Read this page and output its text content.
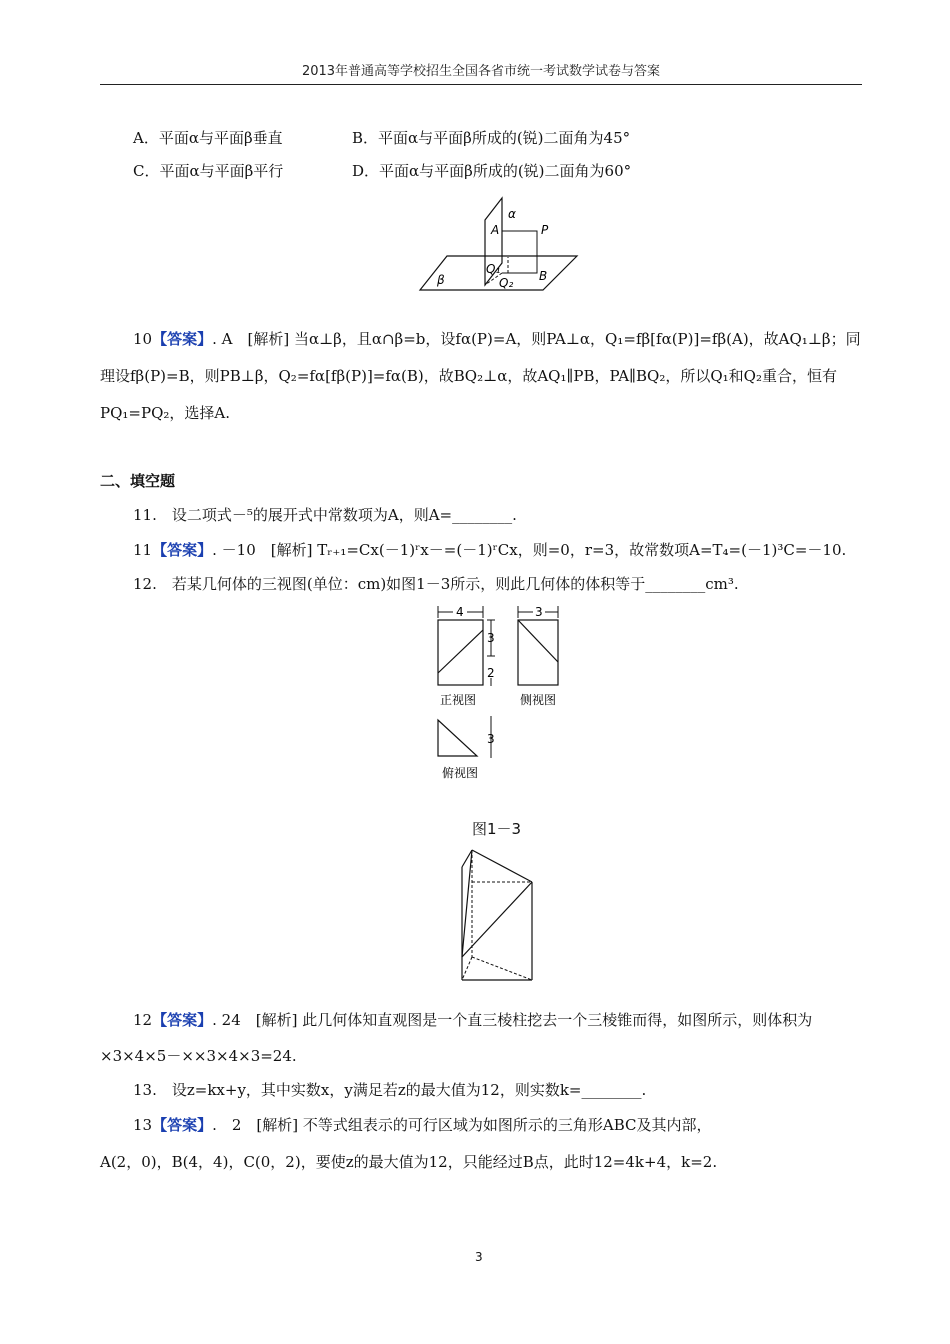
2013年普通高等学校招生全国各省市统一考试数学试卷与答案
A．平面α与平面β垂直	B．平面α与平面β所成的(锐)二面角为45°
C．平面α与平面β平行	D．平面α与平面β所成的(锐)二面角为60°
α
β
A	P
Q₁
Q₂ B
10【答案】. A　[解析] 当α⊥β，且α∩β=b，设fα(P)=A，则PA⊥α，Q₁=fβ[fα(P)]=fβ(A)，故AQ₁⊥β；同
理设fβ(P)=B，则PB⊥β，Q₂=fα[fβ(P)]=fα(B)，故BQ₂⊥α，故AQ₁∥PB，PA∥BQ₂，所以Q₁和Q₂重合，恒有
PQ₁=PQ₂，选择A.
二、填空题
11.　设二项式－⁵的展开式中常数项为A，则A=________.
11【答案】. －10　[解析] Tᵣ₊₁=Cx(－1)ʳx－=(－1)ʳCx，则=0，r=3，故常数项A=T₄=(－1)³C=－10.
12.　若某几何体的三视图(单位：cm)如图1－3所示，则此几何体的体积等于________cm³.
4
3
2
正视图
3
侧视图
3
俯视图
图1－3
12【答案】. 24　[解析] 此几何体知直观图是一个直三棱柱挖去一个三棱锥而得，如图所示，则体积为
×3×4×5－××3×4×3=24.
13.　设z=kx+y，其中实数x，y满足若z的最大值为12，则实数k=________.
13【答案】.　2　[解析] 不等式组表示的可行区域为如图所示的三角形ABC及其内部，
A(2，0)，B(4，4)，C(0，2)，要使z的最大值为12，只能经过B点，此时12=4k+4，k=2.
3
